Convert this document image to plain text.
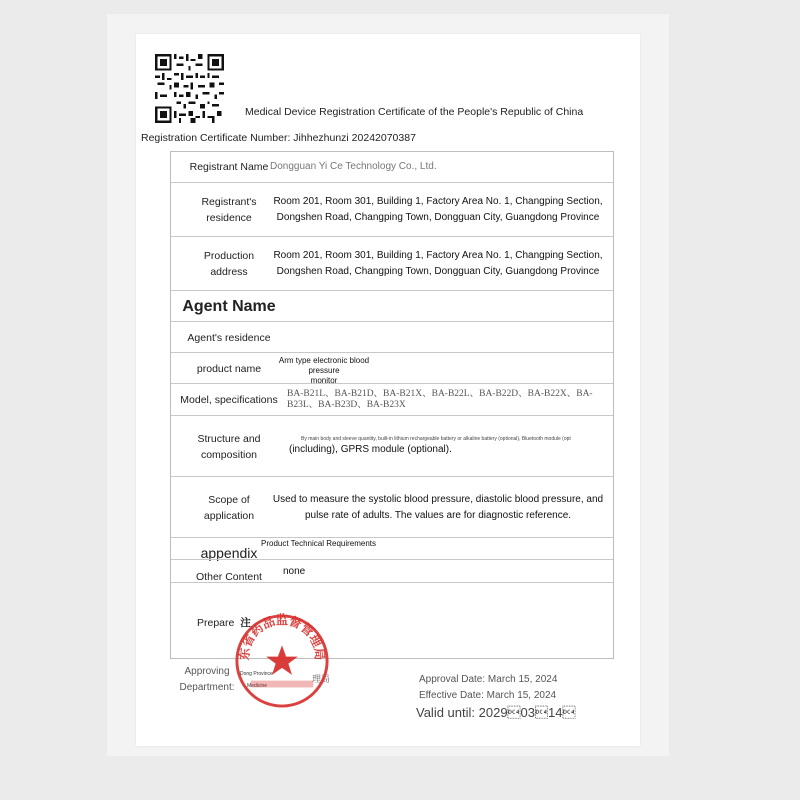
Medical Device Registration Certificate of the People's Republic of China
Registration Certificate Number: Jihhezhunzi 20242070387
Registrant Name Dongguan Yi Ce Technology Co., Ltd.
Registrant's
residence
Room 201, Room 301, Building 1, Factory Area No. 1, Changping Section,
Dongshen Road, Changping Town, Dongguan City, Guangdong Province
Production
address
Room 201, Room 301, Building 1, Factory Area No. 1, Changping Section,
Dongshen Road, Changping Town, Dongguan City, Guangdong Province
Agent Name
Agent's residence
product name
Arm type electronic blood pressure
monitor
Model, specifications BA-B21L、BA-B21D、BA-B21X、BA-B22L、BA-B22D、BA-B22X、BA-B23L、BA-B23D、BA-B23X
Structure and
composition
By main body and sleeve quantity, built-in lithium rechargeable battery or alkaline battery (optional), Bluetooth module (opt
(including), GPRS module (optional).
Scope of
application
Used to measure the systolic blood pressure, diastolic blood pressure, and
pulse rate of adults. The values are for diagnostic reference.
appendix
Product Technical Requirements
Other Content	none
Prepare
注
Approving
Department:
Dong Province
Medicine
理局
东省药品监督管理局
Approval Date: March 15, 2024
Effective Date: March 15, 2024
Valid until: 20290314
